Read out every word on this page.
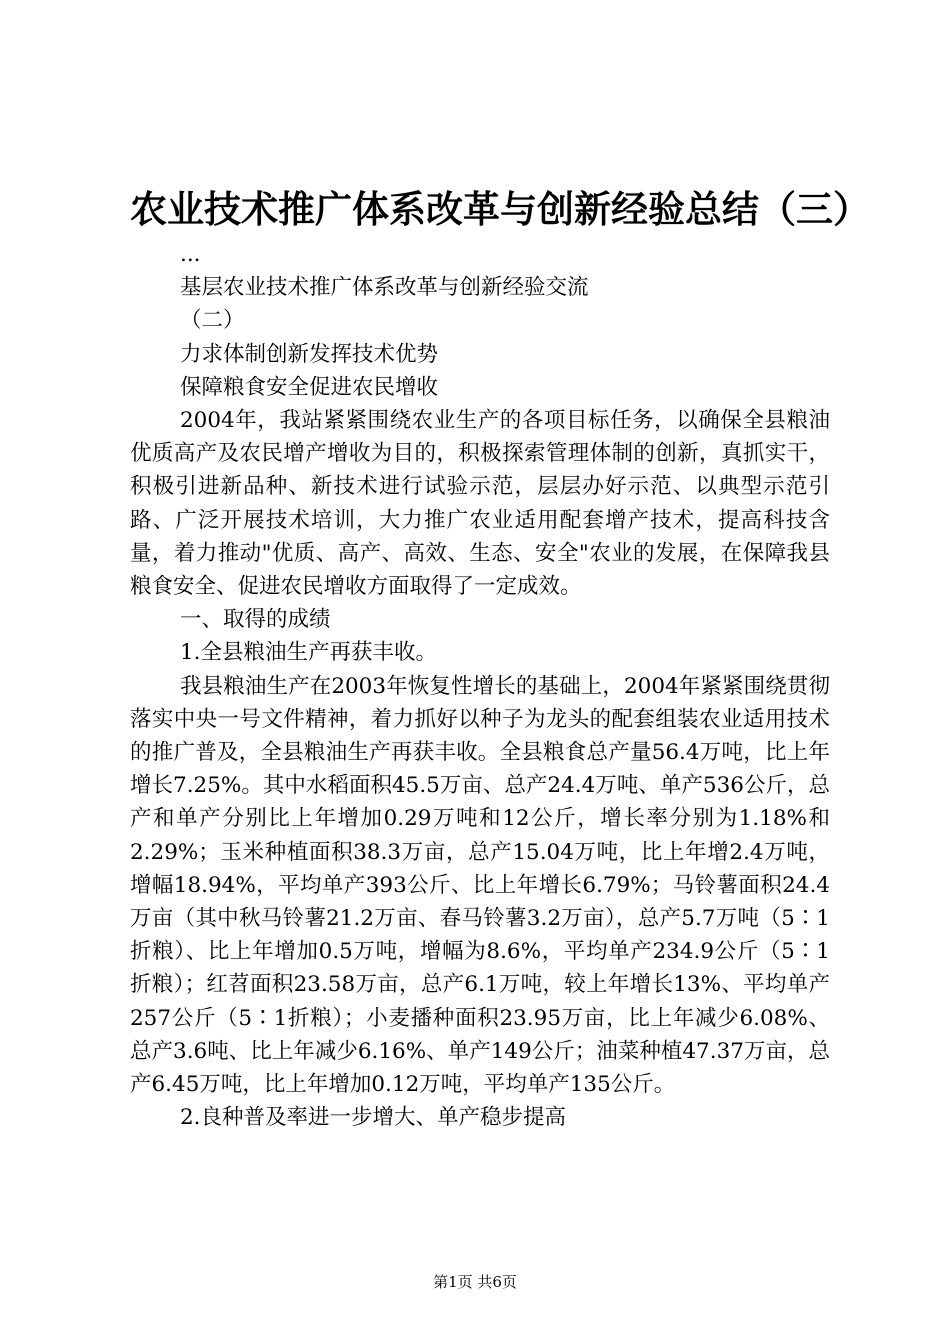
农业技术推广体系改革与创新经验总结（三）

...

基层农业技术推广体系改革与创新经验交流

（二）

力求体制创新发挥技术优势

保障粮食安全促进农民增收

2004年，我站紧紧围绕农业生产的各项目标任务，以确保全县粮油优质高产及农民增产增收为目的，积极探索管理体制的创新，真抓实干，积极引进新品种、新技术进行试验示范，层层办好示范、以典型示范引路、广泛开展技术培训，大力推广农业适用配套增产技术，提高科技含量，着力推动"优质、高产、高效、生态、安全"农业的发展，在保障我县粮食安全、促进农民增收方面取得了一定成效。

一、取得的成绩

1.全县粮油生产再获丰收。

我县粮油生产在2003年恢复性增长的基础上，2004年紧紧围绕贯彻落实中央一号文件精神，着力抓好以种子为龙头的配套组装农业适用技术的推广普及，全县粮油生产再获丰收。全县粮食总产量56.4万吨，比上年增长7.25%。其中水稻面积45.5万亩、总产24.4万吨、单产536公斤，总产和单产分别比上年增加0.29万吨和12公斤，增长率分别为1.18%和2.29%；玉米种植面积38.3万亩，总产15.04万吨，比上年增2.4万吨，增幅18.94%，平均单产393公斤、比上年增长6.79%；马铃薯面积24.4万亩（其中秋马铃薯21.2万亩、春马铃薯3.2万亩），总产5.7万吨（5∶1折粮）、比上年增加0.5万吨，增幅为8.6%，平均单产234.9公斤（5∶1折粮）；红苕面积23.58万亩，总产6.1万吨，较上年增长13%、平均单产257公斤（5∶1折粮）；小麦播种面积23.95万亩，比上年减少6.08%、总产3.6吨、比上年减少6.16%、单产149公斤；油菜种植47.37万亩，总产6.45万吨，比上年增加0.12万吨，平均单产135公斤。

2.良种普及率进一步增大、单产稳步提高

第1页 共6页
